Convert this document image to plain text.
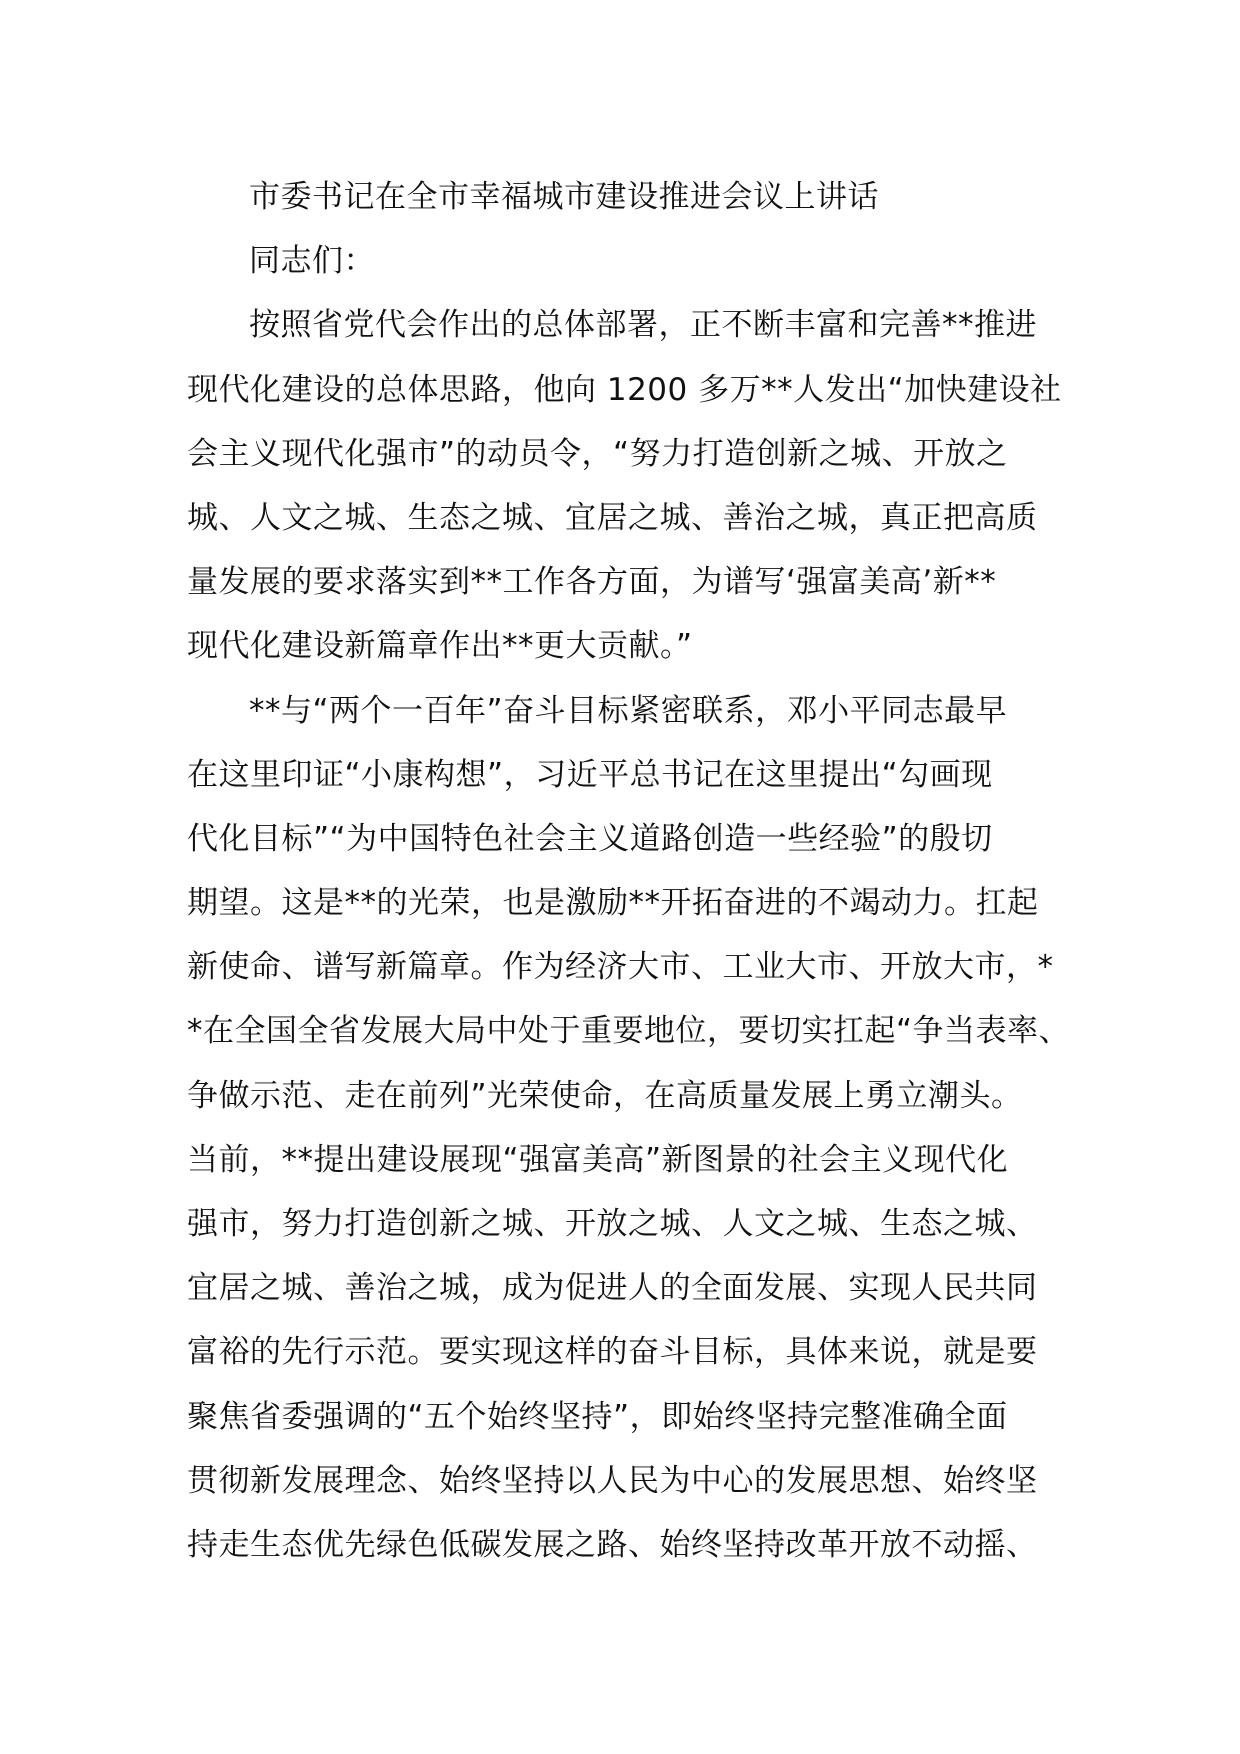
市委书记在全市幸福城市建设推进会议上讲话
同志们：
按照省党代会作出的总体部署，正不断丰富和完善**推进
现代化建设的总体思路，他向 1200 多万**人发出“加快建设社
会主义现代化强市”的动员令，“努力打造创新之城、开放之
城、人文之城、生态之城、宜居之城、善治之城，真正把高质
量发展的要求落实到**工作各方面，为谱写‘强富美高’新**
现代化建设新篇章作出**更大贡献。”
**与“两个一百年”奋斗目标紧密联系，邓小平同志最早
在这里印证“小康构想”，习近平总书记在这里提出“勾画现
代化目标”“为中国特色社会主义道路创造一些经验”的殷切
期望。这是**的光荣，也是激励**开拓奋进的不竭动力。扛起
新使命、谱写新篇章。作为经济大市、工业大市、开放大市，*
*在全国全省发展大局中处于重要地位，要切实扛起“争当表率、
争做示范、走在前列”光荣使命，在高质量发展上勇立潮头。
当前，**提出建设展现“强富美高”新图景的社会主义现代化
强市，努力打造创新之城、开放之城、人文之城、生态之城、
宜居之城、善治之城，成为促进人的全面发展、实现人民共同
富裕的先行示范。要实现这样的奋斗目标，具体来说，就是要
聚焦省委强调的“五个始终坚持”，即始终坚持完整准确全面
贯彻新发展理念、始终坚持以人民为中心的发展思想、始终坚
持走生态优先绿色低碳发展之路、始终坚持改革开放不动摇、
